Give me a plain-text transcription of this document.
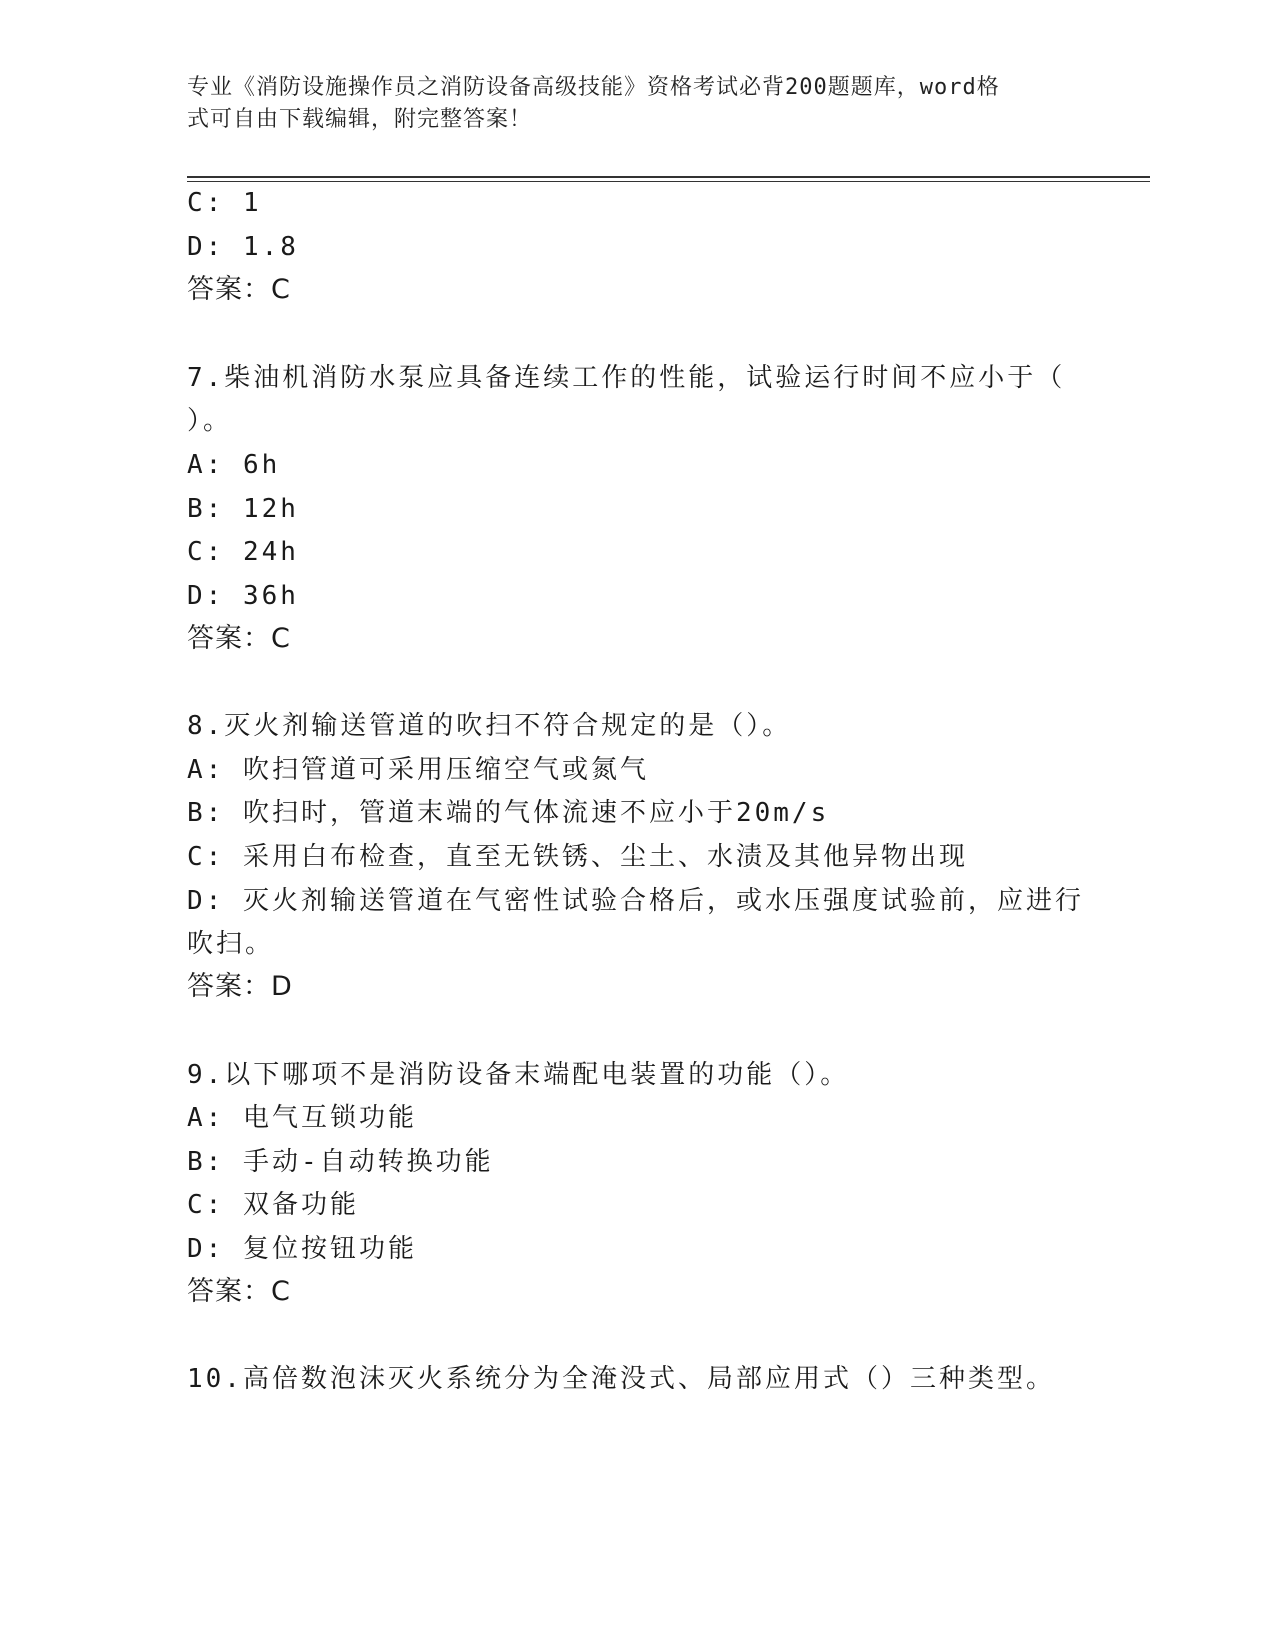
专业《消防设施操作员之消防设备高级技能》资格考试必背200题题库，word格
式可自由下载编辑，附完整答案！
C: 1
D: 1.8
答案：C
7.柴油机消防水泵应具备连续工作的性能，试验运行时间不应小于（
）。
A: 6h
B: 12h
C: 24h
D: 36h
答案：C
8.灭火剂输送管道的吹扫不符合规定的是（）。
A: 吹扫管道可采用压缩空气或氮气
B: 吹扫时，管道末端的气体流速不应小于20m/s
C: 采用白布检查，直至无铁锈、尘土、水渍及其他异物出现
D: 灭火剂输送管道在气密性试验合格后，或水压强度试验前，应进行
吹扫。
答案：D
9.以下哪项不是消防设备末端配电装置的功能（）。
A: 电气互锁功能
B: 手动-自动转换功能
C: 双备功能
D: 复位按钮功能
答案：C
10.高倍数泡沫灭火系统分为全淹没式、局部应用式（）三种类型。
